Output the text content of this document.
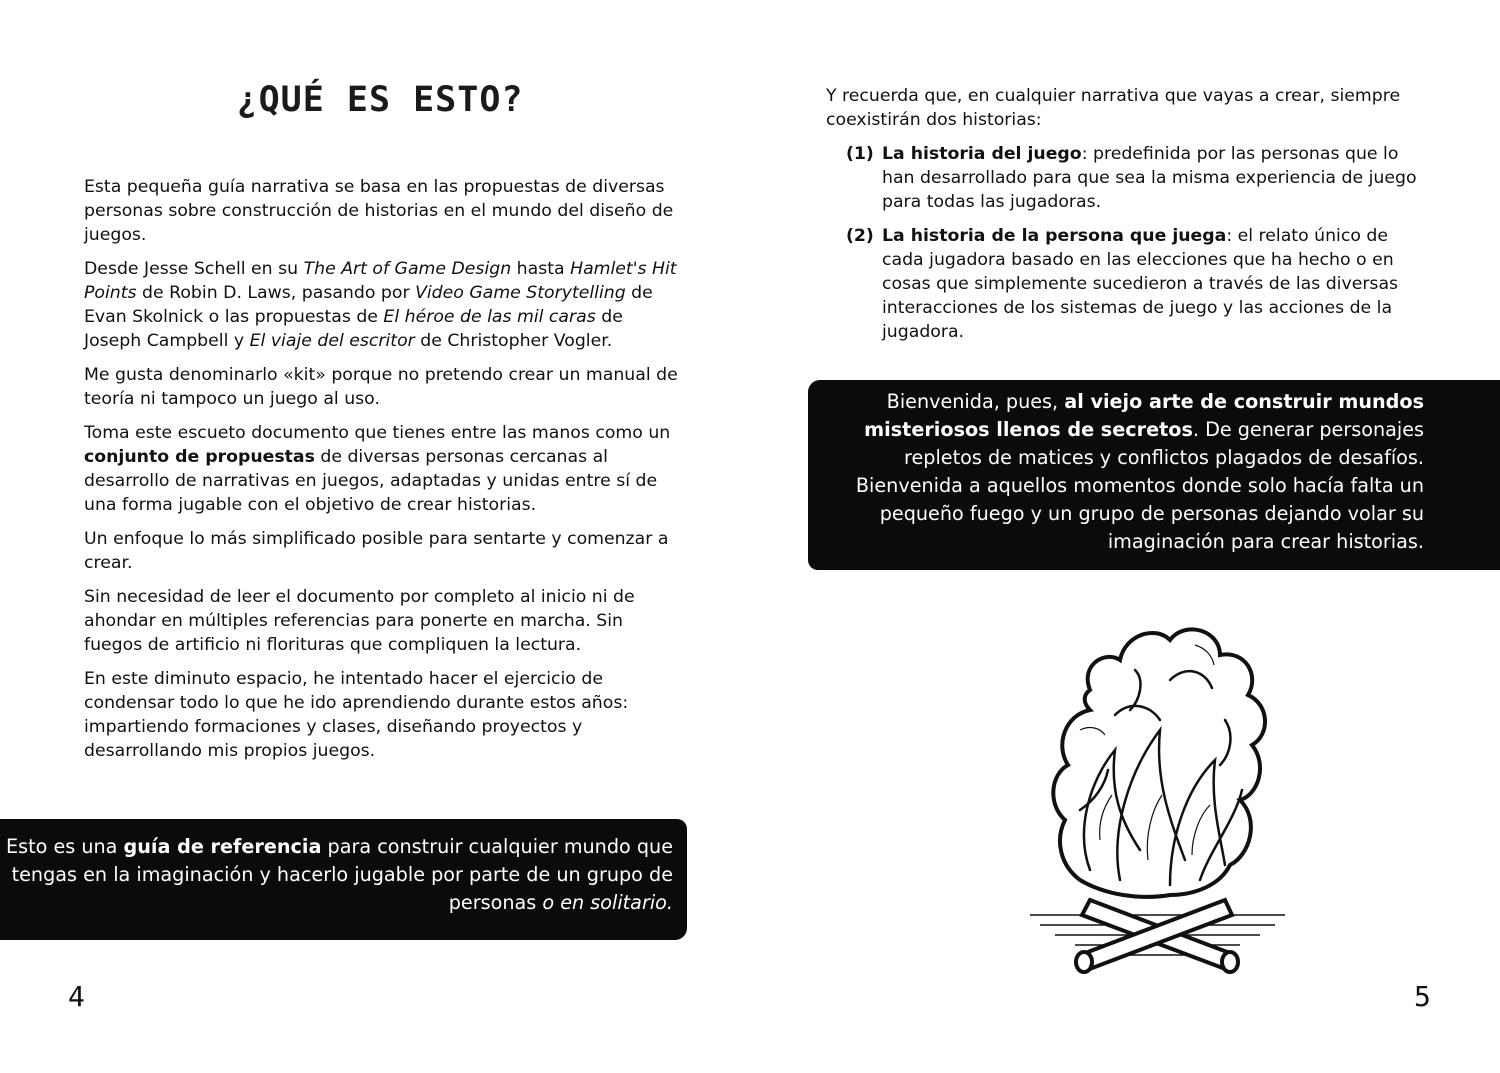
¿QUÉ ES ESTO?

Esta pequeña guía narrativa se basa en las propuestas de diversas personas sobre construcción de historias en el mundo del diseño de juegos.

Desde Jesse Schell en su The Art of Game Design hasta Hamlet's Hit Points de Robin D. Laws, pasando por Video Game Storytelling de Evan Skolnick o las propuestas de El héroe de las mil caras de Joseph Campbell y El viaje del escritor de Christopher Vogler.

Me gusta denominarlo «kit» porque no pretendo crear un manual de teoría ni tampoco un juego al uso.

Toma este escueto documento que tienes entre las manos como un conjunto de propuestas de diversas personas cercanas al desarrollo de narrativas en juegos, adaptadas y unidas entre sí de una forma jugable con el objetivo de crear historias.

Un enfoque lo más simplificado posible para sentarte y comenzar a crear.

Sin necesidad de leer el documento por completo al inicio ni de ahondar en múltiples referencias para ponerte en marcha. Sin fuegos de artificio ni florituras que compliquen la lectura.

En este diminuto espacio, he intentado hacer el ejercicio de condensar todo lo que he ido aprendiendo durante estos años: impartiendo formaciones y clases, diseñando proyectos y desarrollando mis propios juegos.

Esto es una guía de referencia para construir cualquier mundo que tengas en la imaginación y hacerlo jugable por parte de un grupo de personas o en solitario.
4
Y recuerda que, en cualquier narrativa que vayas a crear, siempre coexistirán dos historias:
(1) La historia del juego: predefinida por las personas que lo han desarrollado para que sea la misma experiencia de juego para todas las jugadoras.
(2) La historia de la persona que juega: el relato único de cada jugadora basado en las elecciones que ha hecho o en cosas que simplemente sucedieron a través de las diversas interacciones de los sistemas de juego y las acciones de la jugadora.
Bienvenida, pues, al viejo arte de construir mundos misteriosos llenos de secretos. De generar personajes repletos de matices y conflictos plagados de desafíos. Bienvenida a aquellos momentos donde solo hacía falta un pequeño fuego y un grupo de personas dejando volar su imaginación para crear historias.
5
